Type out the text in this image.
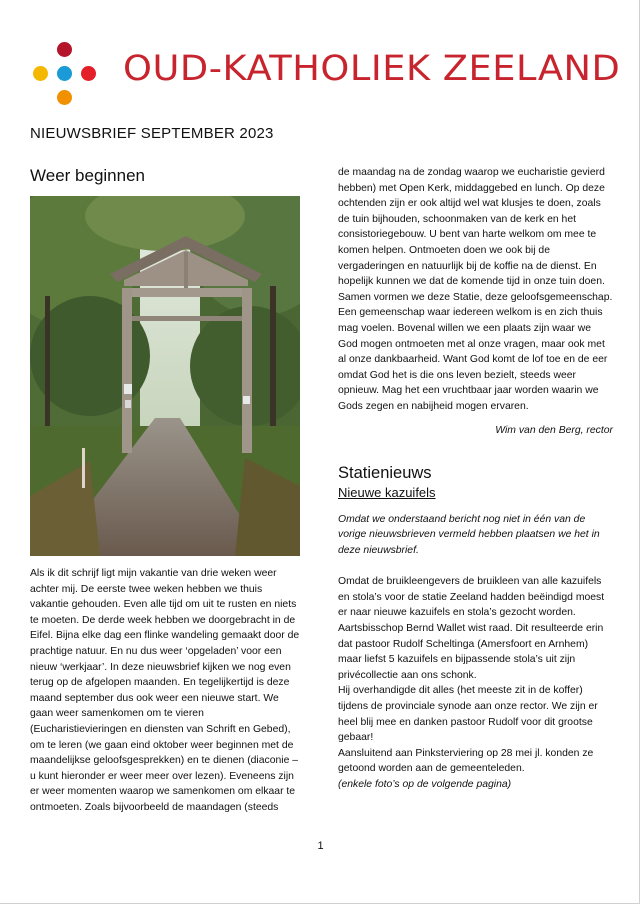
OUD-KATHOLIEK ZEELAND
NIEUWSBRIEF SEPTEMBER 2023
Weer beginnen

Als ik dit schrijf ligt mijn vakantie van drie weken weer achter mij. De eerste twee weken hebben we thuis vakantie gehouden. Even alle tijd om uit te rusten en niets te moeten. De derde week hebben we doorgebracht in de Eifel. Bijna elke dag een flinke wandeling gemaakt door de prachtige natuur. En nu dus weer ‘opgeladen’ voor een nieuw ‘werkjaar’. In deze nieuwsbrief kijken we nog even terug op de afgelopen maanden. En tegelijkertijd is deze maand september dus ook weer een nieuwe start. We gaan weer samenkomen om te vieren (Eucharistievieringen en diensten van Schrift en Gebed), om te leren (we gaan eind oktober weer beginnen met de maandelijkse geloofsgesprekken) en te dienen (diaconie – u kunt hieronder er weer meer over lezen). Eveneens zijn er weer momenten waarop we samenkomen om elkaar te ontmoeten. Zoals bijvoorbeeld de maandagen (steeds

de maandag na de zondag waarop we eucharistie gevierd hebben) met Open Kerk, middaggebed en lunch. Op deze ochtenden zijn er ook altijd wel wat klusjes te doen, zoals de tuin bijhouden, schoonmaken van de kerk en het consistoriegebouw. U bent van harte welkom om mee te komen helpen. Ontmoeten doen we ook bij de vergaderingen en natuurlijk bij de koffie na de dienst. En hopelijk kunnen we dat de komende tijd in onze tuin doen. Samen vormen we deze Statie, deze geloofsgemeenschap. Een gemeenschap waar iedereen welkom is en zich thuis mag voelen. Bovenal willen we een plaats zijn waar we God mogen ontmoeten met al onze vragen, maar ook met al onze dankbaarheid. Want God komt de lof toe en de eer omdat God het is die ons leven bezielt, steeds weer opnieuw. Mag het een vruchtbaar jaar worden waarin we Gods zegen en nabijheid mogen ervaren.

Wim van den Berg, rector
Statienieuws
Nieuwe kazuifels

Omdat we onderstaand bericht nog niet in één van de vorige nieuwsbrieven vermeld hebben plaatsen we het in deze nieuwsbrief.

Omdat de bruikleengevers de bruikleen van alle kazuifels en stola’s voor de statie Zeeland hadden beëindigd moest er naar nieuwe kazuifels en stola’s gezocht worden. Aartsbisschop Bernd Wallet wist raad. Dit resulteerde erin dat pastoor Rudolf Scheltinga (Amersfoort en Arnhem) maar liefst 5 kazuifels en bijpassende stola’s uit zijn privécollectie aan ons schonk.

Hij overhandigde dit alles (het meeste zit in de koffer) tijdens de provinciale synode aan onze rector. We zijn er heel blij mee en danken pastoor Rudolf voor dit grootse gebaar!

Aansluitend aan Pinksterviering op 28 mei jl. konden ze getoond worden aan de gemeenteleden.

(enkele foto’s op de volgende pagina)

1
